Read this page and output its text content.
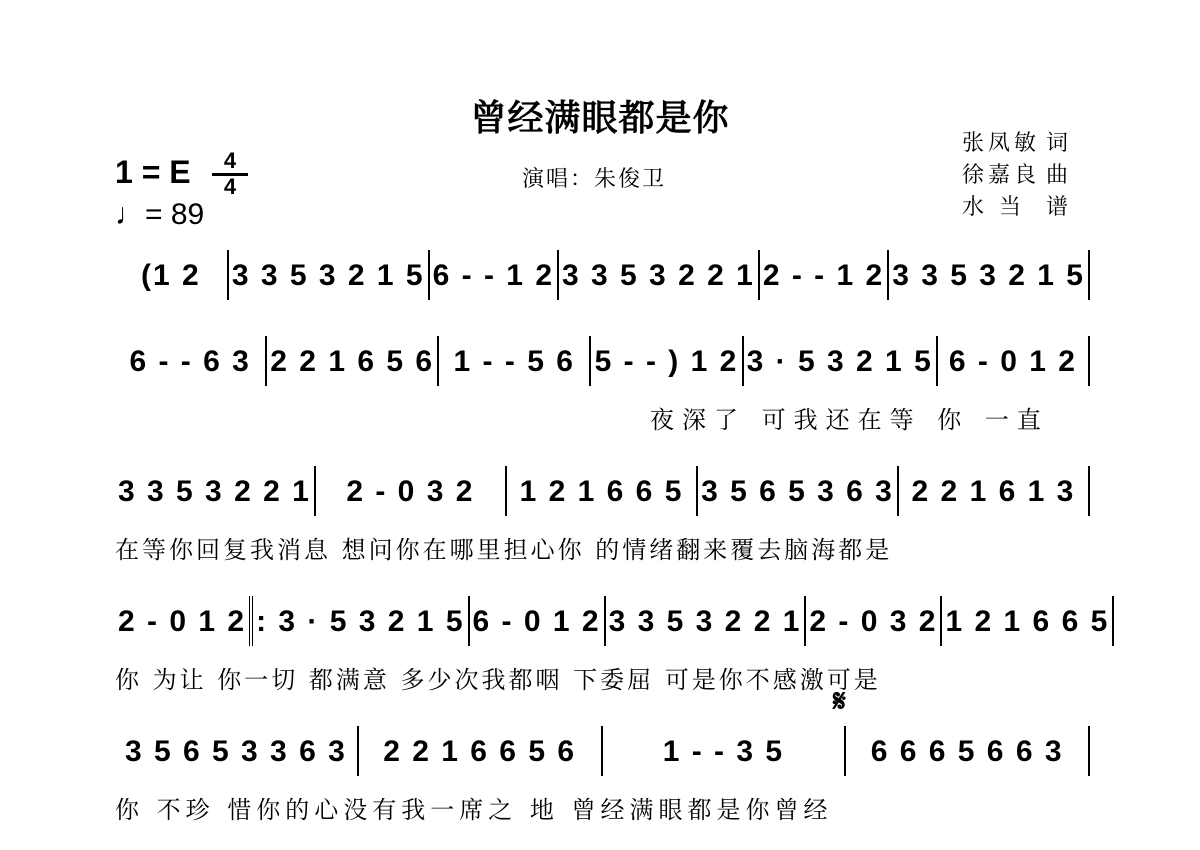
曾经满眼都是你
演唱：朱俊卫
张凤敏 词
徐嘉良 曲
水 当 谱
1 = E	4
4
♩= 89
(1 2 3 3 5 3 2 1 5 6 - - 1 2 3 3 5 3 2 2 1 2 - - 1 2 3 3 5 3 2 1 5
6 - - 6 3 2 2 1 6 5 6 1 - - 5 6 5 - - ) 1 2 3 · 5 3 2 1 5 6 - 0 1 2
夜深了 可我还在等 你 一直
3 3 5 3 2 2 1 2 - 0 3 2 1 2 1 6 6 5 3 5 6 5 3 6 3 2 2 1 6 1 3
在等你回复我消息 想问你在哪里担心你 的情绪翻来覆去脑海都是
2 - 0 1 2 : 3 · 5 3 2 1 5 6 - 0 1 2 3 3 5 3 2 2 1 2 - 0 3 2 1 2 1 6 6 5
你 为让 你一切 都满意 多少次我都咽 下委屈 可是你不感激可是
𝄋
3 5 6 5 3 3 6 3 2 2 1 6 6 5 6	1 - - 3 5	6 6 6 5 6 6 3
你 不珍 惜你的心没有我一席之 地 曾经满眼都是你曾经
